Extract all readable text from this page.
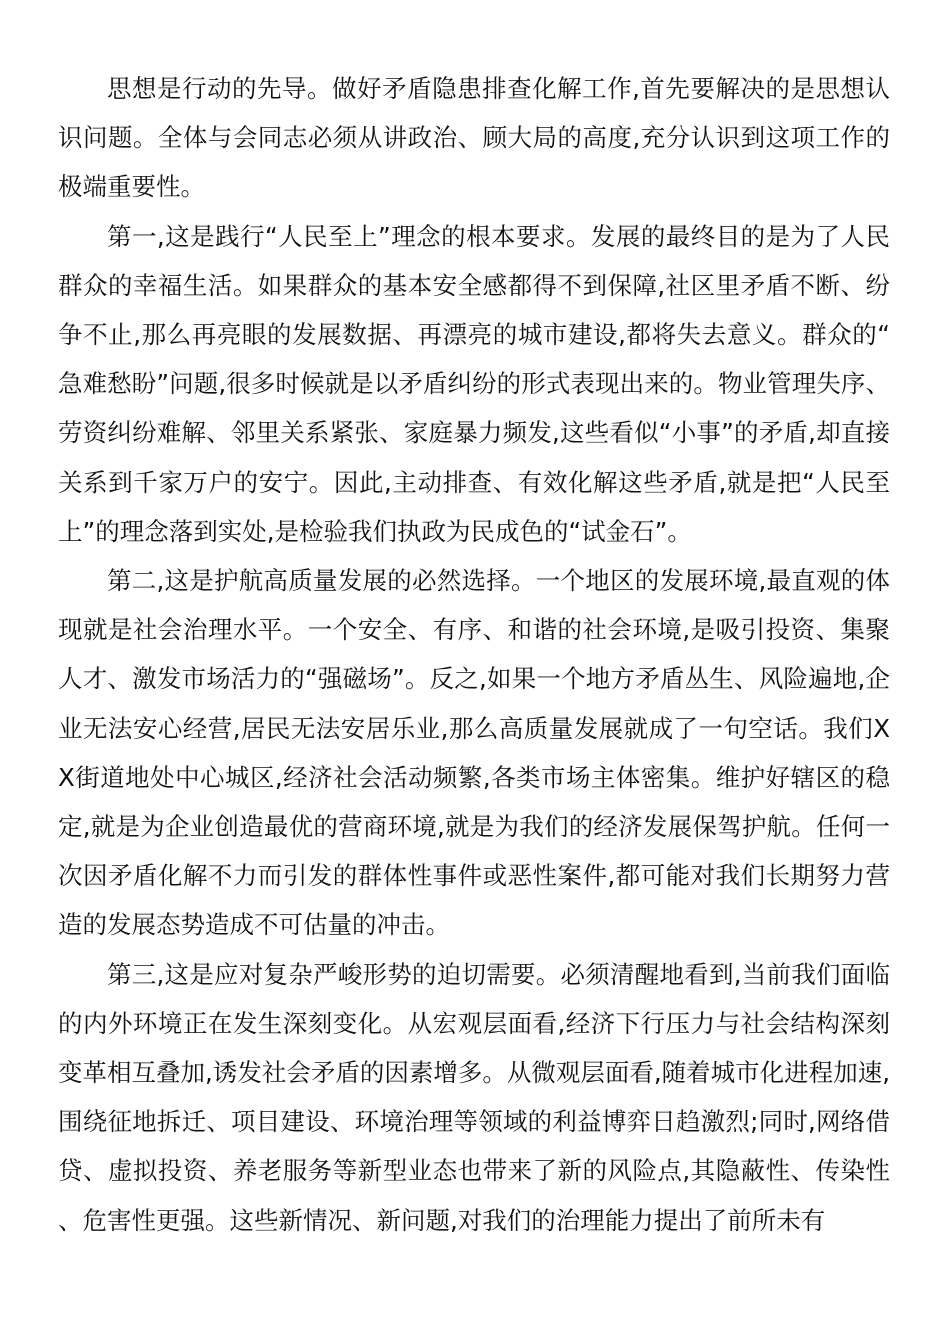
思想是行动的先导。做好矛盾隐患排查化解工作,首先要解决的是思想认识问题。全体与会同志必须从讲政治、顾大局的高度,充分认识到这项工作的极端重要性。

第一,这是践行“人民至上”理念的根本要求。发展的最终目的是为了人民群众的幸福生活。如果群众的基本安全感都得不到保障,社区里矛盾不断、纷争不止,那么再亮眼的发展数据、再漂亮的城市建设,都将失去意义。群众的“急难愁盼”问题,很多时候就是以矛盾纠纷的形式表现出来的。物业管理失序、劳资纠纷难解、邻里关系紧张、家庭暴力频发,这些看似“小事”的矛盾,却直接关系到千家万户的安宁。因此,主动排查、有效化解这些矛盾,就是把“人民至上”的理念落到实处,是检验我们执政为民成色的“试金石”。

第二,这是护航高质量发展的必然选择。一个地区的发展环境,最直观的体现就是社会治理水平。一个安全、有序、和谐的社会环境,是吸引投资、集聚人才、激发市场活力的“强磁场”。反之,如果一个地方矛盾丛生、风险遍地,企业无法安心经营,居民无法安居乐业,那么高质量发展就成了一句空话。我们XX街道地处中心城区,经济社会活动频繁,各类市场主体密集。维护好辖区的稳定,就是为企业创造最优的营商环境,就是为我们的经济发展保驾护航。任何一次因矛盾化解不力而引发的群体性事件或恶性案件,都可能对我们长期努力营造的发展态势造成不可估量的冲击。

第三,这是应对复杂严峻形势的迫切需要。必须清醒地看到,当前我们面临的内外环境正在发生深刻变化。从宏观层面看,经济下行压力与社会结构深刻变革相互叠加,诱发社会矛盾的因素增多。从微观层面看,随着城市化进程加速,围绕征地拆迁、项目建设、环境治理等领域的利益博弈日趋激烈;同时,网络借贷、虚拟投资、养老服务等新型业态也带来了新的风险点,其隐蔽性、传染性、危害性更强。这些新情况、新问题,对我们的治理能力提出了前所未有
